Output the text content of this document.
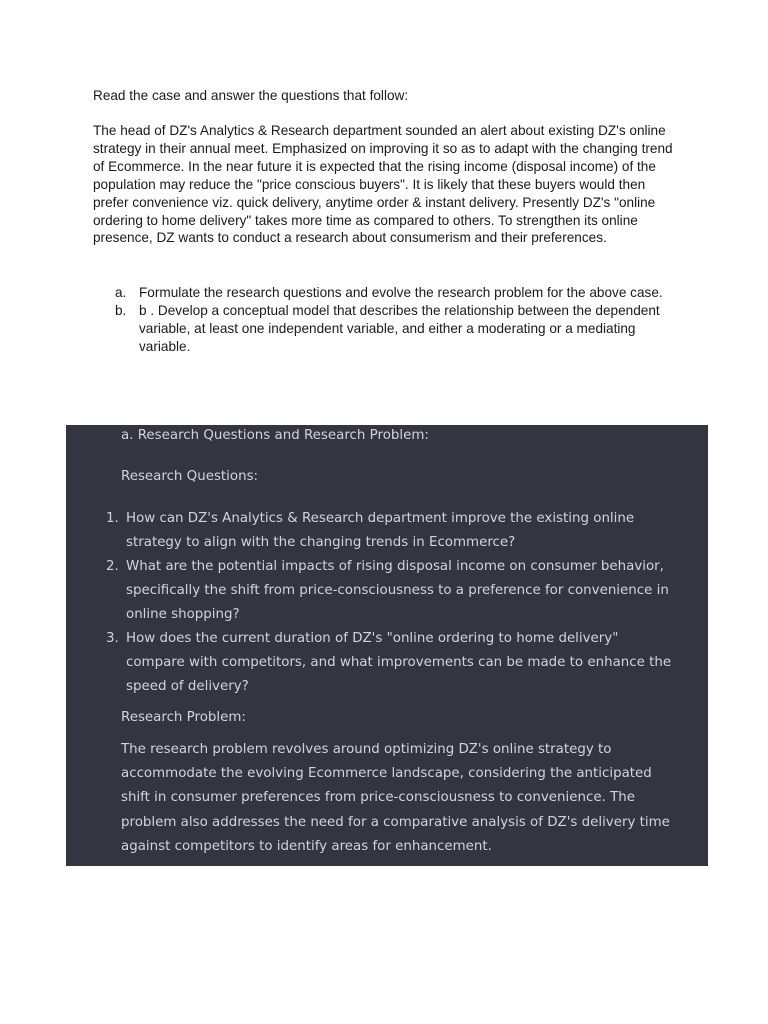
Read the case and answer the questions that follow:

The head of DZ's Analytics & Research department sounded an alert about existing DZ's online strategy in their annual meet. Emphasized on improving it so as to adapt with the changing trend of Ecommerce. In the near future it is expected that the rising income (disposal income) of the population may reduce the "price conscious buyers". It is likely that these buyers would then prefer convenience viz. quick delivery, anytime order & instant delivery. Presently DZ's "online ordering to home delivery" takes more time as compared to others. To strengthen its online presence, DZ wants to conduct a research about consumerism and their preferences.

a. Formulate the research questions and evolve the research problem for the above case.
b. b . Develop a conceptual model that describes the relationship between the dependent variable, at least one independent variable, and either a moderating or a mediating variable.

a. Research Questions and Research Problem:

Research Questions:

1. How can DZ's Analytics & Research department improve the existing online strategy to align with the changing trends in Ecommerce?
2. What are the potential impacts of rising disposal income on consumer behavior, specifically the shift from price-consciousness to a preference for convenience in online shopping?
3. How does the current duration of DZ's "online ordering to home delivery" compare with competitors, and what improvements can be made to enhance the speed of delivery?

Research Problem:

The research problem revolves around optimizing DZ's online strategy to accommodate the evolving Ecommerce landscape, considering the anticipated shift in consumer preferences from price-consciousness to convenience. The problem also addresses the need for a comparative analysis of DZ's delivery time against competitors to identify areas for enhancement.
